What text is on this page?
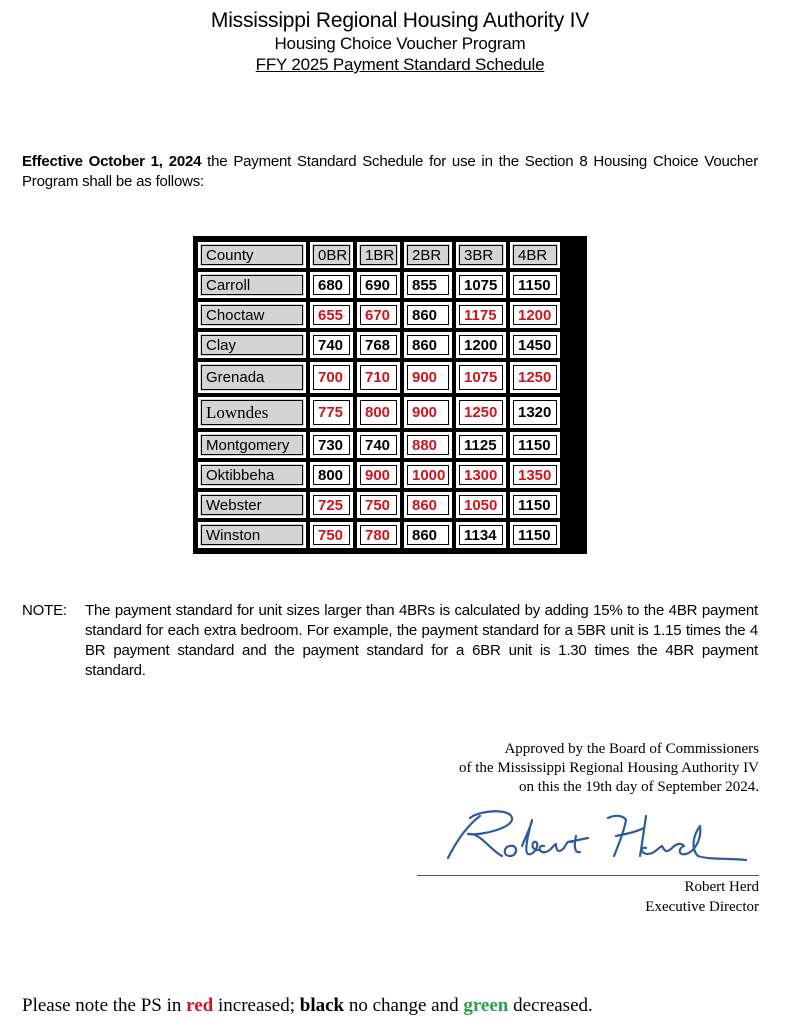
Mississippi Regional Housing Authority IV
Housing Choice Voucher Program
FFY 2025 Payment Standard Schedule
Effective October 1, 2024 the Payment Standard Schedule for use in the Section 8 Housing Choice Voucher Program shall be as follows:
County	0BR	1BR	2BR	3BR	4BR
Carroll	680	690	855	1075	1150
Choctaw	655	670	860	1175	1200
Clay	740	768	860	1200	1450
Grenada	700	710	900	1075	1250
Lowndes	775	800	900	1250	1320
Montgomery	730	740	880	1125	1150
Oktibbeha	800	900	1000	1300	1350
Webster	725	750	860	1050	1150
Winston	750	780	860	1134	1150
NOTE: The payment standard for unit sizes larger than 4BRs is calculated by adding 15% to the 4BR payment standard for each extra bedroom. For example, the payment standard for a 5BR unit is 1.15 times the 4 BR payment standard and the payment standard for a 6BR unit is 1.30 times the 4BR payment standard.
Approved by the Board of Commissioners
of the Mississippi Regional Housing Authority IV
on this the 19th day of September 2024.
Robert Herd
Executive Director
Please note the PS in red increased; black no change and green decreased.
